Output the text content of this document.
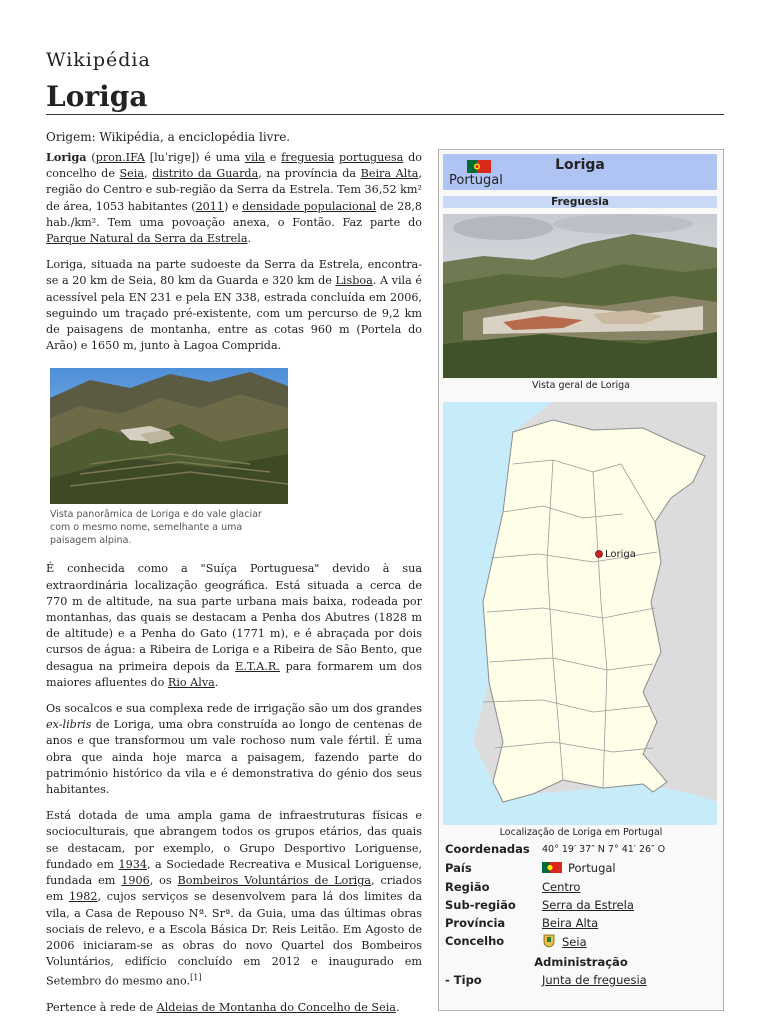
Wikipédia
Loriga
Origem: Wikipédia, a enciclopédia livre.

Loriga (pron.IFA [luˈriɡɐ]) é uma vila e freguesia portuguesa do concelho de Seia, distrito da Guarda, na província da Beira Alta, região do Centro e sub-região da Serra da Estrela. Tem 36,52 km² de área, 1053 habitantes (2011) e densidade populacional de 28,8 hab./km². Tem uma povoação anexa, o Fontão. Faz parte do Parque Natural da Serra da Estrela.

Loriga, situada na parte sudoeste da Serra da Estrela, encontra-se a 20 km de Seia, 80 km da Guarda e 320 km de Lisboa. A vila é acessível pela EN 231 e pela EN 338, estrada concluída em 2006, seguindo um traçado pré-existente, com um percurso de 9,2 km de paisagens de montanha, entre as cotas 960 m (Portela do Arão) e 1650 m, junto à Lagoa Comprida.

Vista panorâmica de Loriga e do vale glaciar com o mesmo nome, semelhante a uma paisagem alpina.

É conhecida como a "Suíça Portuguesa" devido à sua extraordinária localização geográfica. Está situada a cerca de 770 m de altitude, na sua parte urbana mais baixa, rodeada por montanhas, das quais se destacam a Penha dos Abutres (1828 m de altitude) e a Penha do Gato (1771 m), e é abraçada por dois cursos de água: a Ribeira de Loriga e a Ribeira de São Bento, que desagua na primeira depois da E.T.A.R. para formarem um dos maiores afluentes do Rio Alva.

Os socalcos e sua complexa rede de irrigação são um dos grandes ex-libris de Loriga, uma obra construída ao longo de centenas de anos e que transformou um vale rochoso num vale fértil. É uma obra que ainda hoje marca a paisagem, fazendo parte do património histórico da vila e é demonstrativa do génio dos seus habitantes.

Está dotada de uma ampla gama de infraestruturas físicas e socioculturais, que abrangem todos os grupos etários, das quais se destacam, por exemplo, o Grupo Desportivo Loriguense, fundado em 1934, a Sociedade Recreativa e Musical Loriguense, fundada em 1906, os Bombeiros Voluntários de Loriga, criados em 1982, cujos serviços se desenvolvem para lá dos limites da vila, a Casa de Repouso Nª. Srª. da Guia, uma das últimas obras sociais de relevo, e a Escola Básica Dr. Reis Leitão. Em Agosto de 2006 iniciaram-se as obras do novo Quartel dos Bombeiros Voluntários, edifício concluído em 2012 e inaugurado em Setembro do mesmo ano.[1]

Pertence à rede de Aldeias de Montanha do Concelho de Seia.

Loriga
Portugal
Freguesia
Vista geral de Loriga
Loriga
Localização de Loriga em Portugal
Coordenadas 40° 19′ 37″ N 7° 41′ 26″ O
País	Portugal
Região	Centro
Sub-região Serra da Estrela
Província	Beira Alta
Concelho	Seia
Administração
- Tipo	Junta de freguesia
